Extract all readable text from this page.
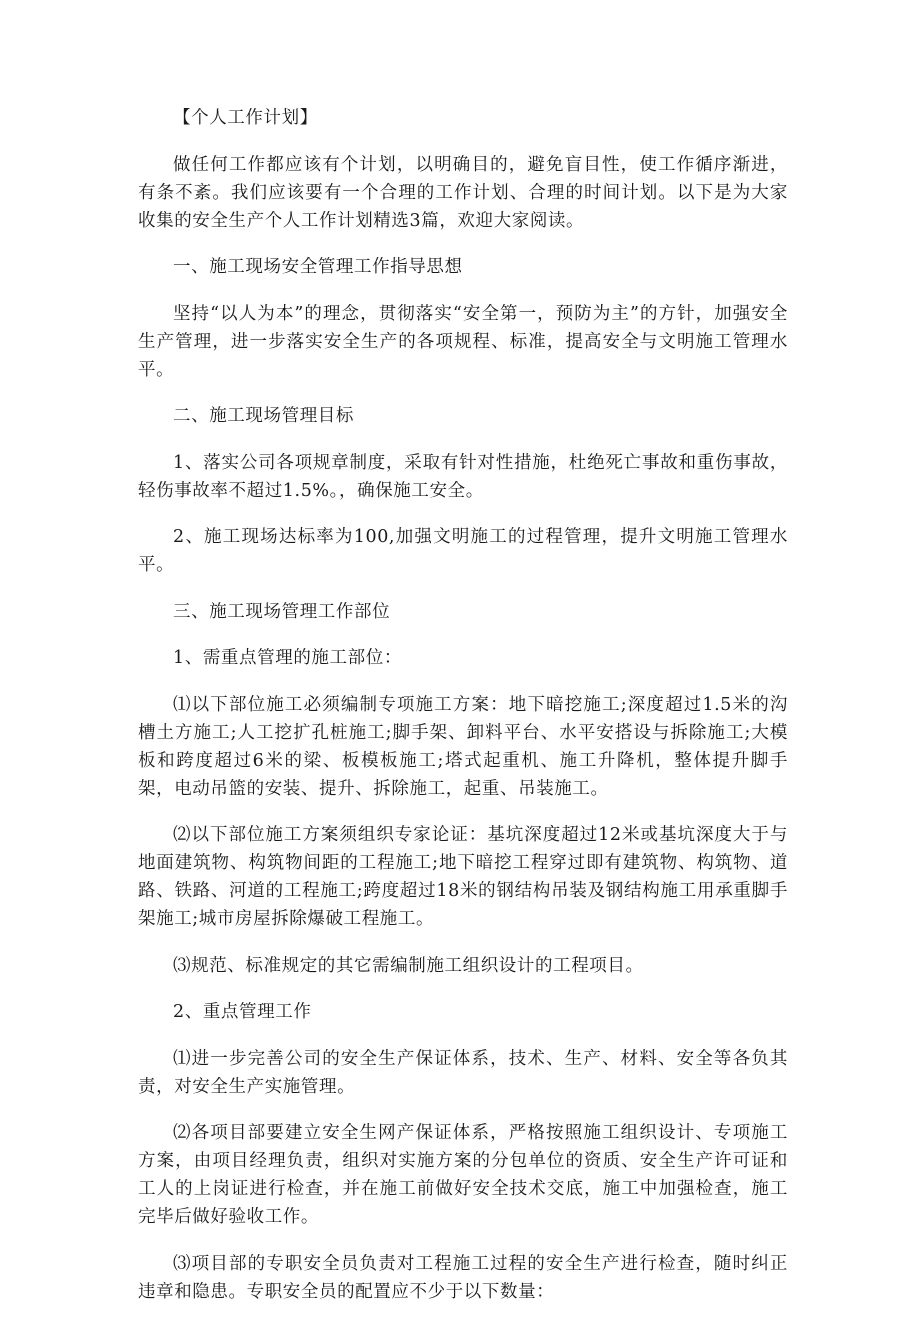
【个人工作计划】

做任何工作都应该有个计划，以明确目的，避免盲目性，使工作循序渐进，有条不紊。我们应该要有一个合理的工作计划、合理的时间计划。以下是为大家收集的安全生产个人工作计划精选3篇，欢迎大家阅读。

一、施工现场安全管理工作指导思想

坚持“以人为本”的理念，贯彻落实“安全第一，预防为主”的方针，加强安全生产管理，进一步落实安全生产的各项规程、标准，提高安全与文明施工管理水平。

二、施工现场管理目标

1、落实公司各项规章制度，采取有针对性措施，杜绝死亡事故和重伤事故，轻伤事故率不超过1.5%。，确保施工安全。

2、施工现场达标率为100,加强文明施工的过程管理，提升文明施工管理水平。

三、施工现场管理工作部位

1、需重点管理的施工部位：

⑴以下部位施工必须编制专项施工方案：地下暗挖施工;深度超过1.5米的沟槽土方施工;人工挖扩孔桩施工;脚手架、卸料平台、水平安搭设与拆除施工;大模板和跨度超过6米的梁、板模板施工;塔式起重机、施工升降机，整体提升脚手架，电动吊篮的安装、提升、拆除施工，起重、吊装施工。

⑵以下部位施工方案须组织专家论证：基坑深度超过12米或基坑深度大于与地面建筑物、构筑物间距的工程施工;地下暗挖工程穿过即有建筑物、构筑物、道路、铁路、河道的工程施工;跨度超过18米的钢结构吊装及钢结构施工用承重脚手架施工;城市房屋拆除爆破工程施工。

⑶规范、标准规定的其它需编制施工组织设计的工程项目。

2、重点管理工作

⑴进一步完善公司的安全生产保证体系，技术、生产、材料、安全等各负其责，对安全生产实施管理。

⑵各项目部要建立安全生网产保证体系，严格按照施工组织设计、专项施工方案，由项目经理负责，组织对实施方案的分包单位的资质、安全生产许可证和工人的上岗证进行检查，并在施工前做好安全技术交底，施工中加强检查，施工完毕后做好验收工作。

⑶项目部的专职安全员负责对工程施工过程的安全生产进行检查，随时纠正违章和隐患。专职安全员的配置应不少于以下数量：
